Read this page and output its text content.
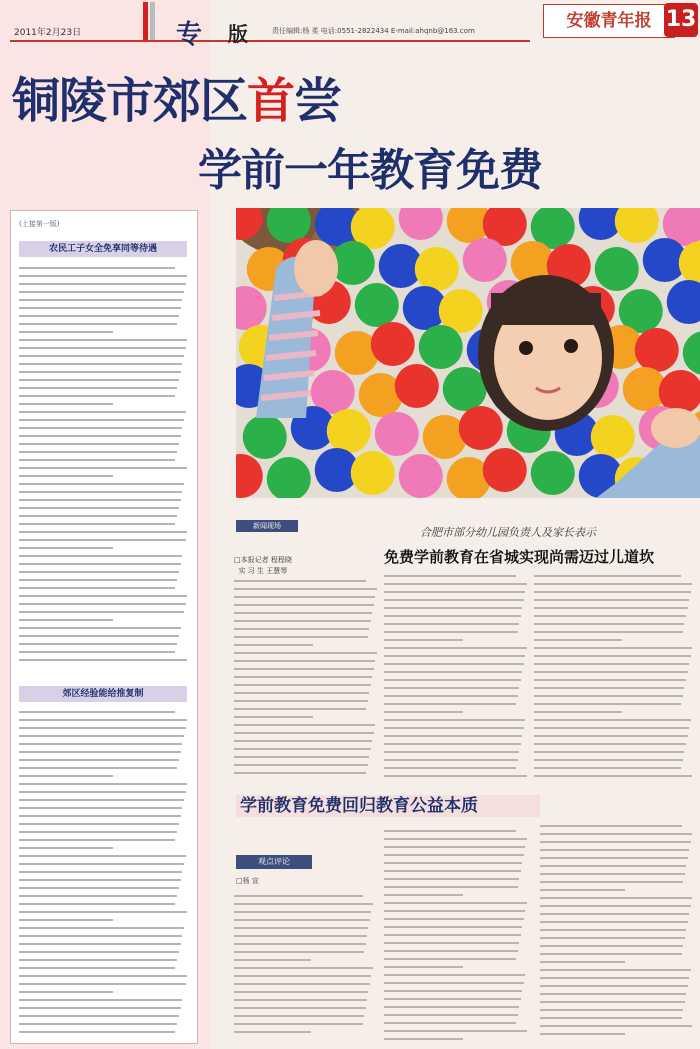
2011年2月23日	专 版	责任编辑:杨 柔 电话:0551-2822434 E-mail:ahqnb@163.com	安徽青年报 13
铜陵市郊区首尝
学前一年教育免费
(上接第一版)
农民工子女全免享同等待遇
郊区经验能给推复制
新闻现场	合肥市部分幼儿园负责人及家长表示
免费学前教育在省城实现尚需迈过儿道坎
□本报记者 程程晓
实 习 生 王慧琴
学前教育免费回归教育公益本质
观点评论
□杨 宣
